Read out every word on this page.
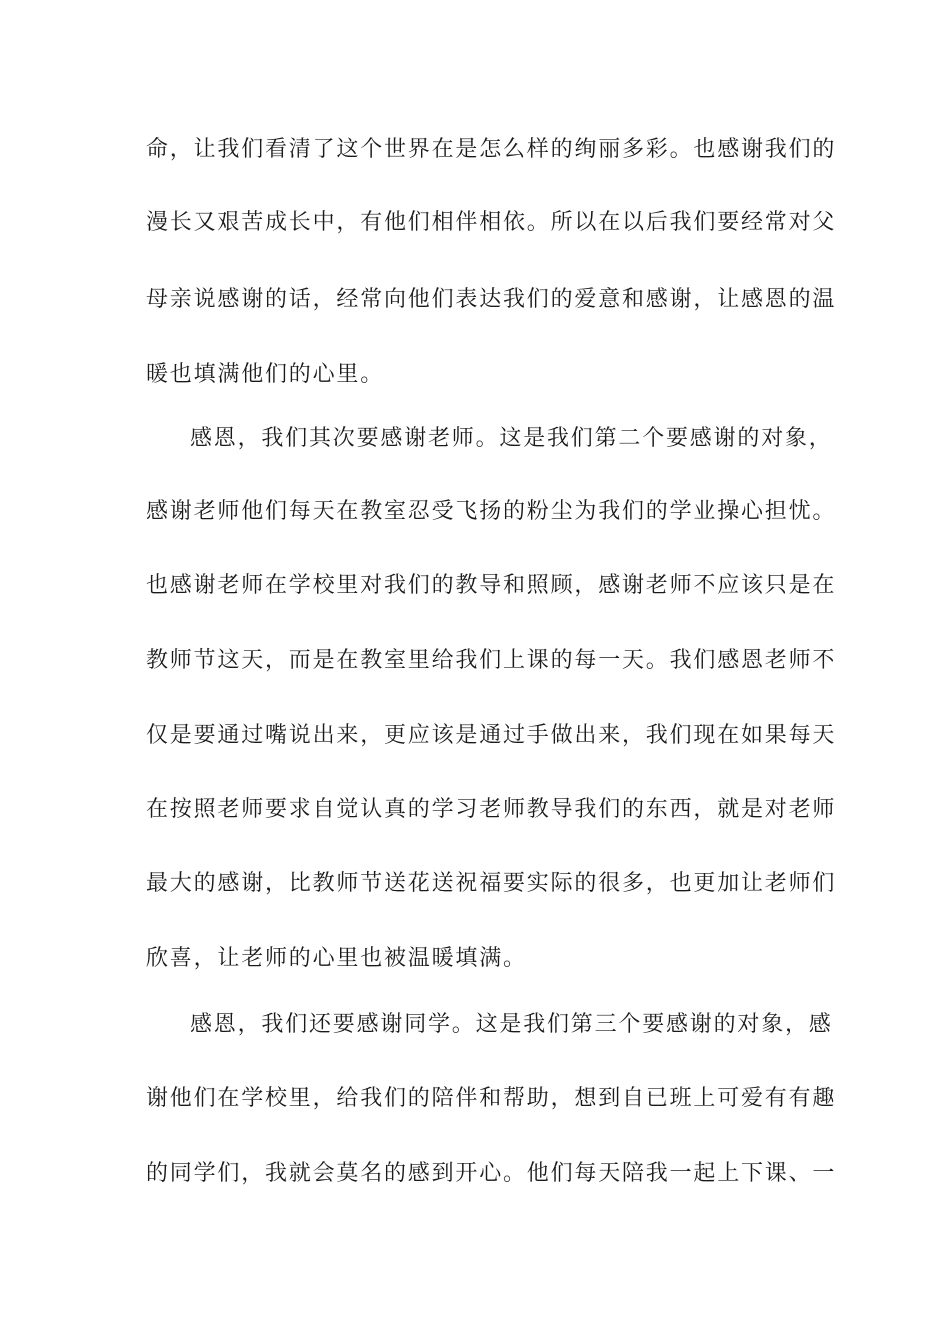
命，让我们看清了这个世界在是怎么样的绚丽多彩。也感谢我们的
漫长又艰苦成长中，有他们相伴相依。所以在以后我们要经常对父
母亲说感谢的话，经常向他们表达我们的爱意和感谢，让感恩的温
暖也填满他们的心里。
感恩，我们其次要感谢老师。这是我们第二个要感谢的对象，
感谢老师他们每天在教室忍受飞扬的粉尘为我们的学业操心担忧。
也感谢老师在学校里对我们的教导和照顾，感谢老师不应该只是在
教师节这天，而是在教室里给我们上课的每一天。我们感恩老师不
仅是要通过嘴说出来，更应该是通过手做出来，我们现在如果每天
在按照老师要求自觉认真的学习老师教导我们的东西，就是对老师
最大的感谢，比教师节送花送祝福要实际的很多，也更加让老师们
欣喜，让老师的心里也被温暖填满。
感恩，我们还要感谢同学。这是我们第三个要感谢的对象，感
谢他们在学校里，给我们的陪伴和帮助，想到自已班上可爱有有趣
的同学们，我就会莫名的感到开心。他们每天陪我一起上下课、一
